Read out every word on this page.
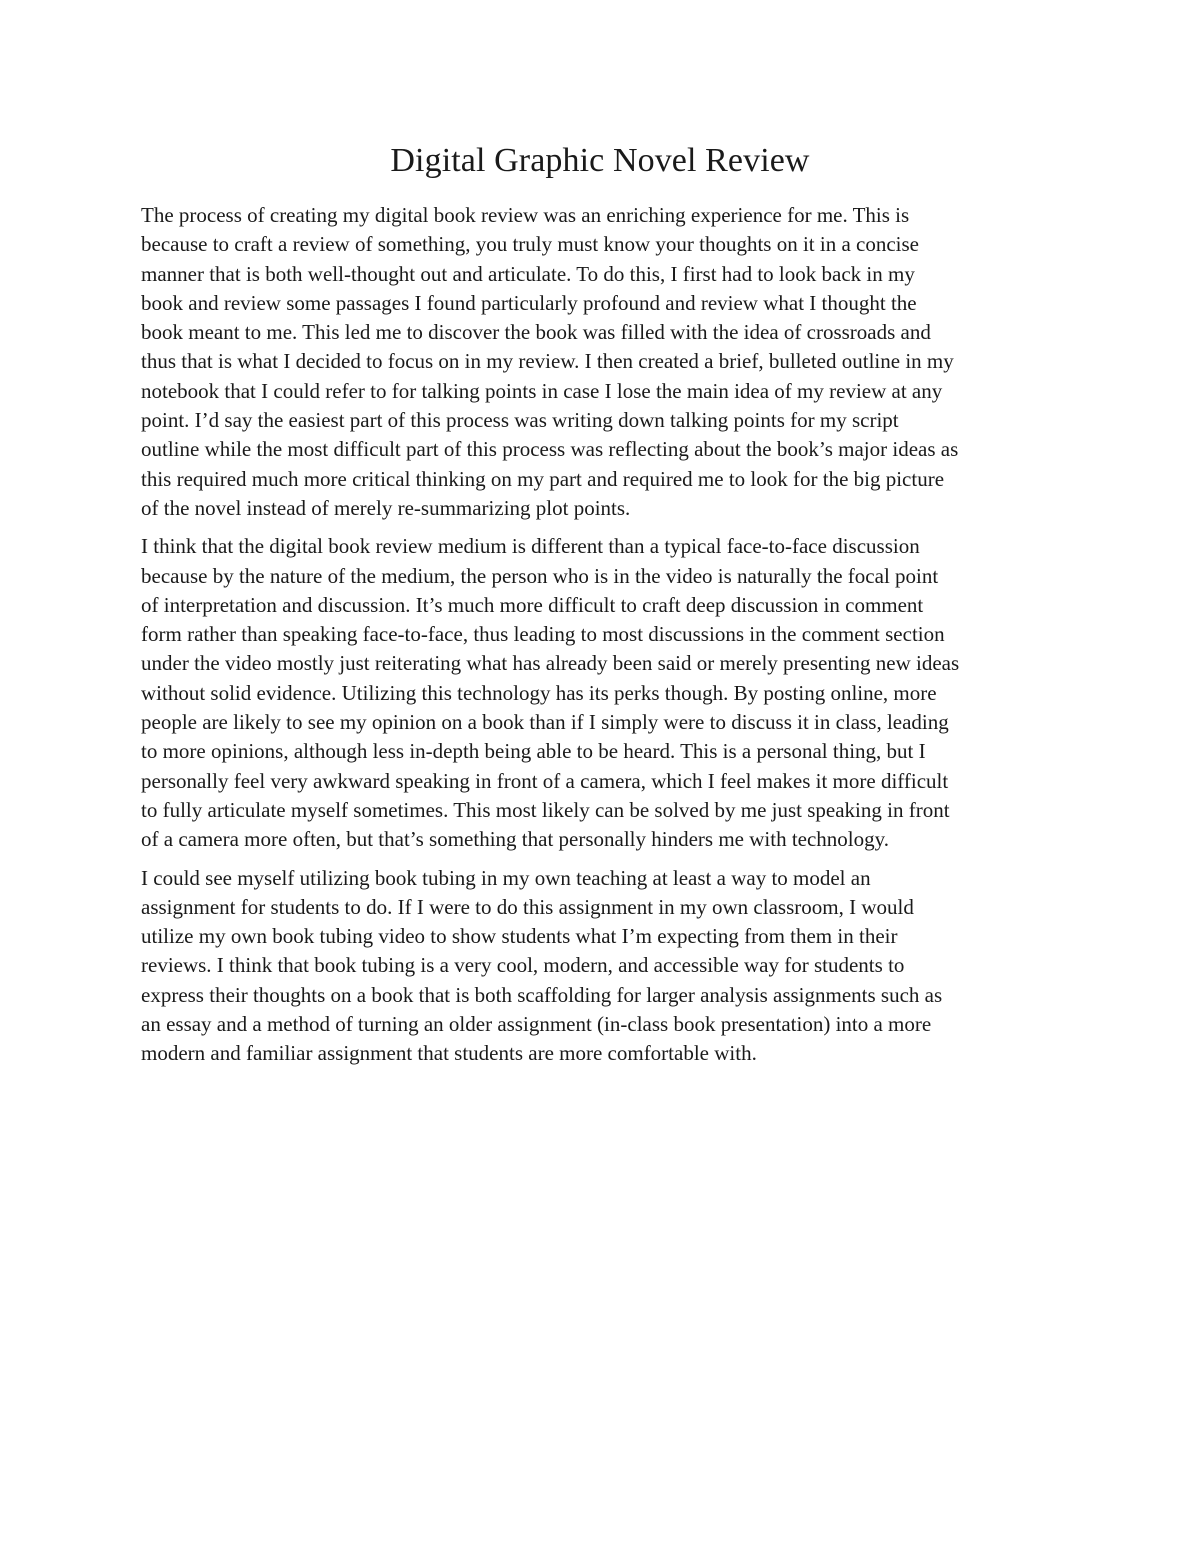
Digital Graphic Novel Review

The process of creating my digital book review was an enriching experience for me. This is
because to craft a review of something, you truly must know your thoughts on it in a concise
manner that is both well-thought out and articulate. To do this, I first had to look back in my
book and review some passages I found particularly profound and review what I thought the
book meant to me. This led me to discover the book was filled with the idea of crossroads and
thus that is what I decided to focus on in my review. I then created a brief, bulleted outline in my
notebook that I could refer to for talking points in case I lose the main idea of my review at any
point. I’d say the easiest part of this process was writing down talking points for my script
outline while the most difficult part of this process was reflecting about the book’s major ideas as
this required much more critical thinking on my part and required me to look for the big picture
of the novel instead of merely re-summarizing plot points.

I think that the digital book review medium is different than a typical face-to-face discussion
because by the nature of the medium, the person who is in the video is naturally the focal point
of interpretation and discussion. It’s much more difficult to craft deep discussion in comment
form rather than speaking face-to-face, thus leading to most discussions in the comment section
under the video mostly just reiterating what has already been said or merely presenting new ideas
without solid evidence. Utilizing this technology has its perks though. By posting online, more
people are likely to see my opinion on a book than if I simply were to discuss it in class, leading
to more opinions, although less in-depth being able to be heard. This is a personal thing, but I
personally feel very awkward speaking in front of a camera, which I feel makes it more difficult
to fully articulate myself sometimes. This most likely can be solved by me just speaking in front
of a camera more often, but that’s something that personally hinders me with technology.

I could see myself utilizing book tubing in my own teaching at least a way to model an
assignment for students to do. If I were to do this assignment in my own classroom, I would
utilize my own book tubing video to show students what I’m expecting from them in their
reviews. I think that book tubing is a very cool, modern, and accessible way for students to
express their thoughts on a book that is both scaffolding for larger analysis assignments such as
an essay and a method of turning an older assignment (in-class book presentation) into a more
modern and familiar assignment that students are more comfortable with.
